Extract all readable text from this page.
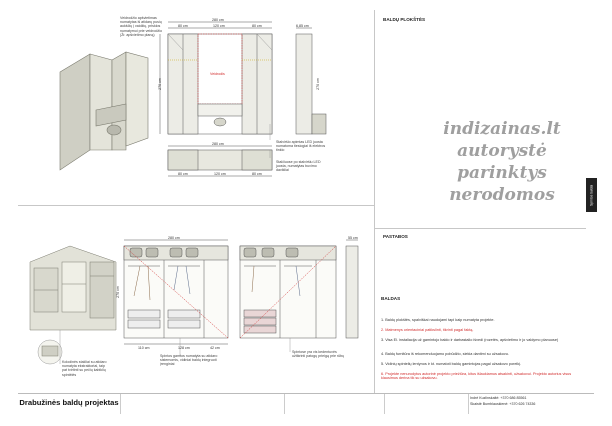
280 cm
80 cm	120 cm	80 cm	6,85 cm
270 cm	270 cm
280 cm
80 cm	120 cm	80 cm
Veidrodis
280 cm
110 cm	128 cm	42 cm
270 cm
55 cm
Veidrodžio apšvietimas numatytas iš atidarų pusių aukščių į vaidžių, prisklos numatymui prie veidrodžio (Žr. apšvietimo planą)
Stalviršio apimtas LED juosta numatoma tiesiogiai iš elektros tinklo
Stalčiuose po stalviršiu LED juosta, numatytas buvimo davikliai
Kolodinės stalčiai su atidaro numatyta ekstraktoriai, taip pat tvirtinti su pečių kabiklių spintėlės
Spintos gamtos numatyta su atidaro sistemomis, vidiniai baldų integruoti įrenginiai
Spintose yra vis kedentuvės užtikrinti patogų prieigą prie rūbų
BALDŲ PLOKŠTĖS
indizainas.lt
autorystė
parinktys
nerodomos
PASTABOS
BALDAS
1. Baldų plokštės, spalviškai naudojami tapi kaip numatyta projekte.
2. Matmenys orientaciniai patikslinti, tikrinti pagal faktą.
3. Visa El. instaliacija už gamintojo baldo ir darbastalio išvedi (rozetės, apšvietimo ir jo valdymo planuose)
4. Baldų furnitūra iš rekomenduojamo pobūdžio, siekia dantimi su užsakovu.
5. Vidinių spintelių lentynos ir kt. numatoti baldų gamintojas pagal užsakovo poreikį.
6. Projekte nenurodytus autorinė projekto priežiūra, kitus išlaukiamus atsakinti, užsakovui. Projekto autorius visus klausimus derina tik su užsakovu.
Spintos baldai
Drabužinės baldų projektas	Indrė Kuzlinskaitė: +370 686 85561
Skaistė Bumblauskienė: +370 626 74336
